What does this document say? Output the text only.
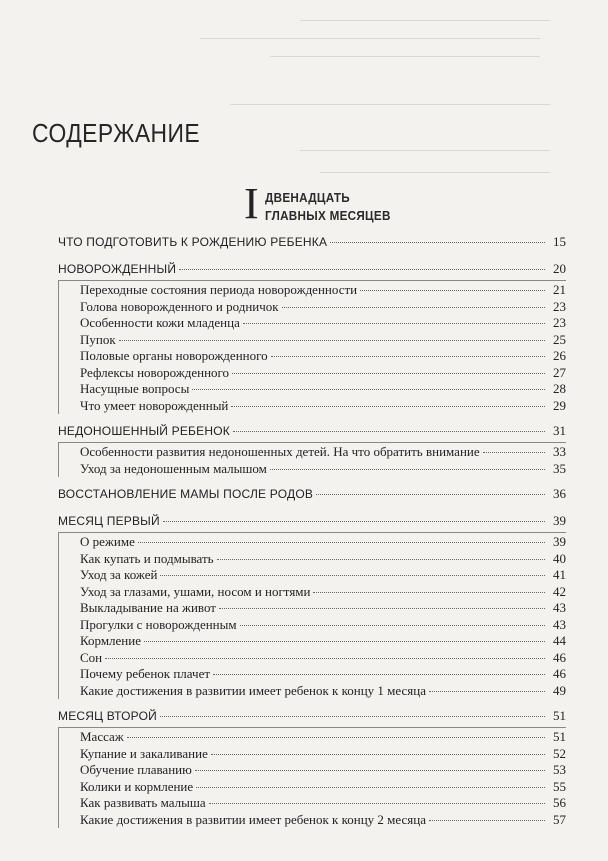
СОДЕРЖАНИЕ
I ДВЕНАДЦАТЬ
ГЛАВНЫХ МЕСЯЦЕВ
ЧТО ПОДГОТОВИТЬ К РОЖДЕНИЮ РЕБЕНКА	15
НОВОРОЖДЕННЫЙ	20
Переходные состояния периода новорожденности	21
Голова новорожденного и родничок	23
Особенности кожи младенца	23
Пупок	25
Половые органы новорожденного	26
Рефлексы новорожденного	27
Насущные вопросы	28
Что умеет новорожденный	29
НЕДОНОШЕННЫЙ РЕБЕНОК	31
Особенности развития недоношенных детей. На что обратить внимание	33
Уход за недоношенным малышом	35
ВОССТАНОВЛЕНИЕ МАМЫ ПОСЛЕ РОДОВ	36
МЕСЯЦ ПЕРВЫЙ	39
О режиме	39
Как купать и подмывать	40
Уход за кожей	41
Уход за глазами, ушами, носом и ногтями	42
Выкладывание на живот	43
Прогулки с новорожденным	43
Кормление	44
Сон	46
Почему ребенок плачет	46
Какие достижения в развитии имеет ребенок к концу 1 месяца	49
МЕСЯЦ ВТОРОЙ	51
Массаж	51
Купание и закаливание	52
Обучение плаванию	53
Колики и кормление	55
Как развивать малыша	56
Какие достижения в развитии имеет ребенок к концу 2 месяца	57
